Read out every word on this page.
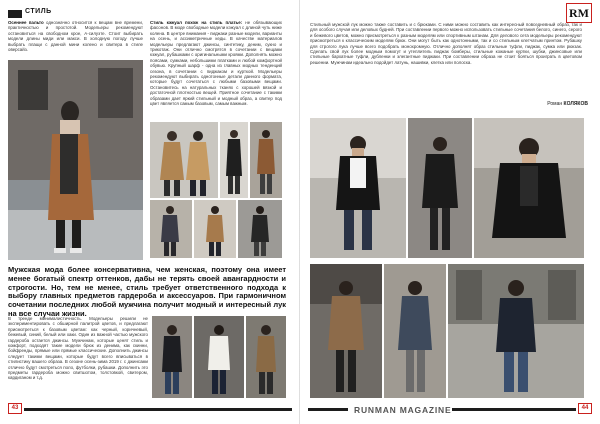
СТИЛЬ
Осеннее пальто однозначно относится к вещам вне времени, практичностью и простотой. Модельеры рекомендуют остановиться на свободном крое, А-силуэте. Стоит выбирать модели длины миди или макси. В холодную погоду лучше выбрать плащи с данной мини колено и свитера в стиле оверсайз.
Стиль кэжуал похож на стиль платье: не обязывающих фасонов. В моде свободные модели кэжуал с длиной чуть ниже колена. В центре внимания - пиджаки разные модели, варианты на осень, и ассиметричные кеды. В качестве материалов модельеры предлагают джинсы, синтетику, деним, сукно и трикотаж. Они отлично смотрятся в сочетании с вещами кэжуал, рубашками с оригинальными кроями. Дополнять можно поясами, сумками, небольшими платками и любой комфортной обувью. Крупный шарф - одна из главных модных тенденций сезона, в сочетании с пиджаком и курткой. Модельеры рекомендуют выбирать однотонные детали данного формата, которые будут сочетаться с любыми базовыми вещами. Остановитесь на натуральных тканях с хорошей вязкой и достаточной плотностью вещей. Приятное сочетание с такими образами дает яркий стильный и модный образ, а свитер под цвет является самым базовым, самым важным.
Мужская мода более консервативна, чем женская, поэтому она имеет менее богатый спектр оттенков, дабы не терять своей авангардности и строгости. Но, тем не менее, стиль требует ответственного подхода к выбору главных предметов гардероба и аксессуаров. При гармоничном сочетании последних любой мужчина получит модный и интересный лук на все случаи жизни.
В тренде минималистичность. Модельеры решили не экспериментировать с обширной палитрой цветов, и предлагают присмотреться к базовым цветам: как черный, коричневый, бежевый, синий, белый или хаки. Один из важной частью мужского гардероба остается джинсы. Мужчинам, которые ценят стиль и комфорт, подходят такие модели брюк из денима, как скинни, бойфренды, прямые или прямые классические. Дополнить джинсы следует такими вещами, которые будут всего вписываться в стилистику вашего образа. В сезоне осень-зима 2019 г. с джинсами отлично будут смотреться поло, футболки, рубашки. Дополнить это предметы гардероба можно свитшотом, толстовкой, свитером, кардиганом и т.д.
43
RM
Стильный мужской лук можно также составить и с брюками. С ними можно составить как интересный повседневный образ, так и для особого случая или деловых будней. При составлении первого можно использовать стильные сочетания белого, синего, серого и бежевого цветов, можно присмотреться к разным моделям или спортивным штанам. Для делового сета модельеры рекомендуют присмотреться к классическим моделям брюк. Они могут быть как однотонными, так и со стильным клетчатым принтом. Рубашку для строгого лука лучше всего подобрать монохромную. Отлично дополнят образ стильные туфли, пиджак, сумка или рюкзак. Сделать свой лук более модным помогут и утеплитель пиджак бомберы, стильные кожаные куртки, шубки, джинсовые или стильные бархатные туфли, дубленки и элегантные пиджаки. При составлении образа не стоит бояться проиграть в цветовом решении. Мужчинам идеально подойдет латунь, нашивки, клетка или полоска.
Роман КОЛЯКОВ
RUNMAN MAGAZINE	44
